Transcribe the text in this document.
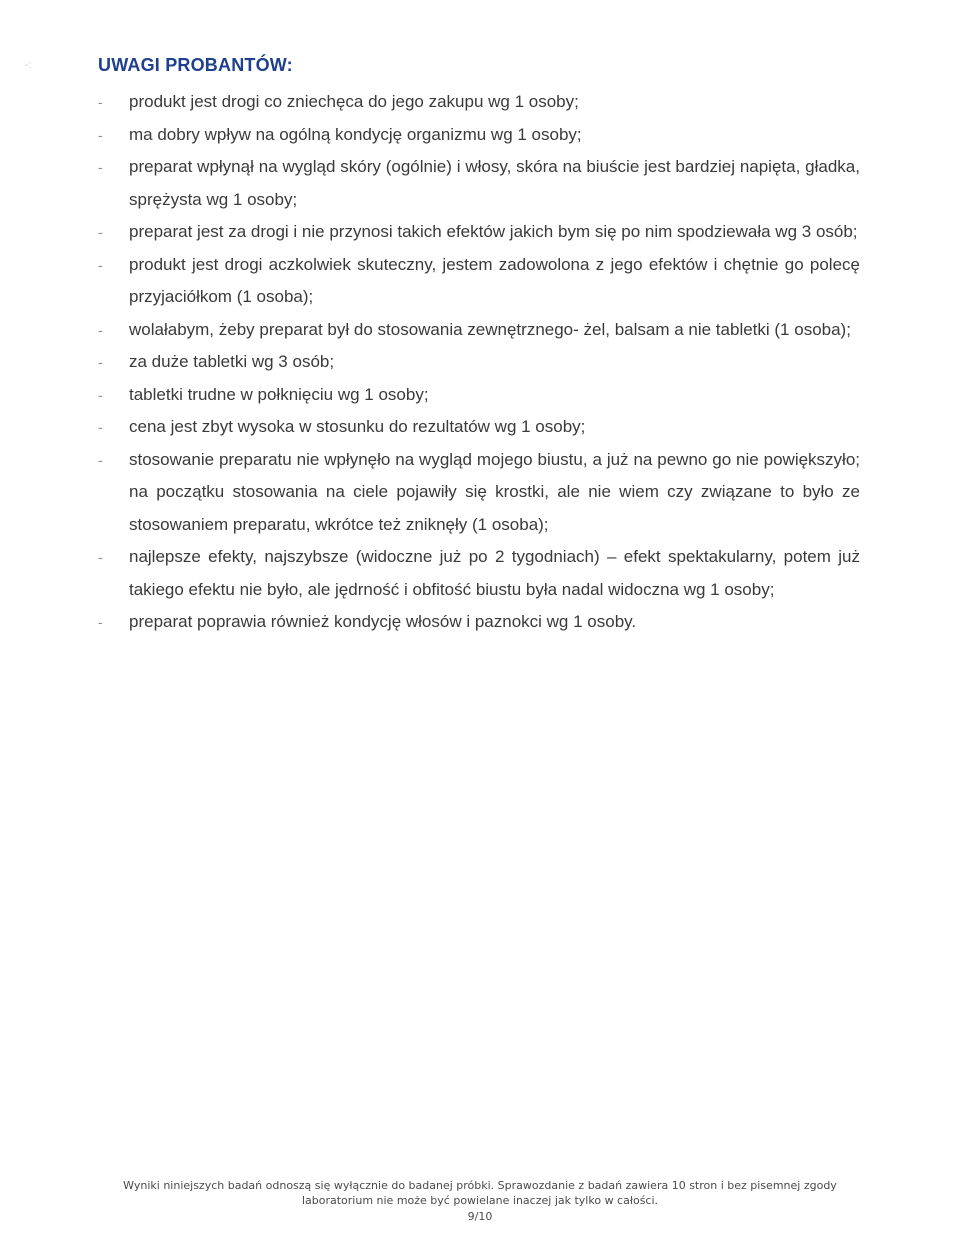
-:	UWAGI PROBANTÓW:
-	produkt jest drogi co zniechęca do jego zakupu wg 1 osoby;
-	ma dobry wpływ na ogólną kondycję organizmu wg 1 osoby;
-	preparat wpłynął na wygląd skóry (ogólnie) i włosy, skóra na biuście jest bardziej napięta, gładka, sprężysta wg 1 osoby;
-	preparat jest za drogi i nie przynosi takich efektów jakich bym się po nim spodziewała wg 3 osób;
-	produkt jest drogi aczkolwiek skuteczny, jestem zadowolona z jego efektów i chętnie go polecę przyjaciółkom (1 osoba);
-	wolałabym, żeby preparat był do stosowania zewnętrznego- żel, balsam a nie tabletki (1 osoba);
-	za duże tabletki wg 3 osób;
-	tabletki trudne w połknięciu wg 1 osoby;
-	cena jest zbyt wysoka w stosunku do rezultatów wg 1 osoby;
-	stosowanie preparatu nie wpłynęło na wygląd mojego biustu, a już na pewno go nie powiększyło; na początku stosowania na ciele pojawiły się krostki, ale nie wiem czy związane to było ze stosowaniem preparatu, wkrótce też zniknęły (1 osoba);
-	najlepsze efekty, najszybsze (widoczne już po 2 tygodniach) – efekt spektakularny, potem już takiego efektu nie było, ale jędrność i obfitość biustu była nadal widoczna wg 1 osoby;
-	preparat poprawia również kondycję włosów i paznokci wg 1 osoby.
Wyniki niniejszych badań odnoszą się wyłącznie do badanej próbki. Sprawozdanie z badań zawiera 10 stron i bez pisemnej zgody
laboratorium nie może być powielane inaczej jak tylko w całości.
9/10
